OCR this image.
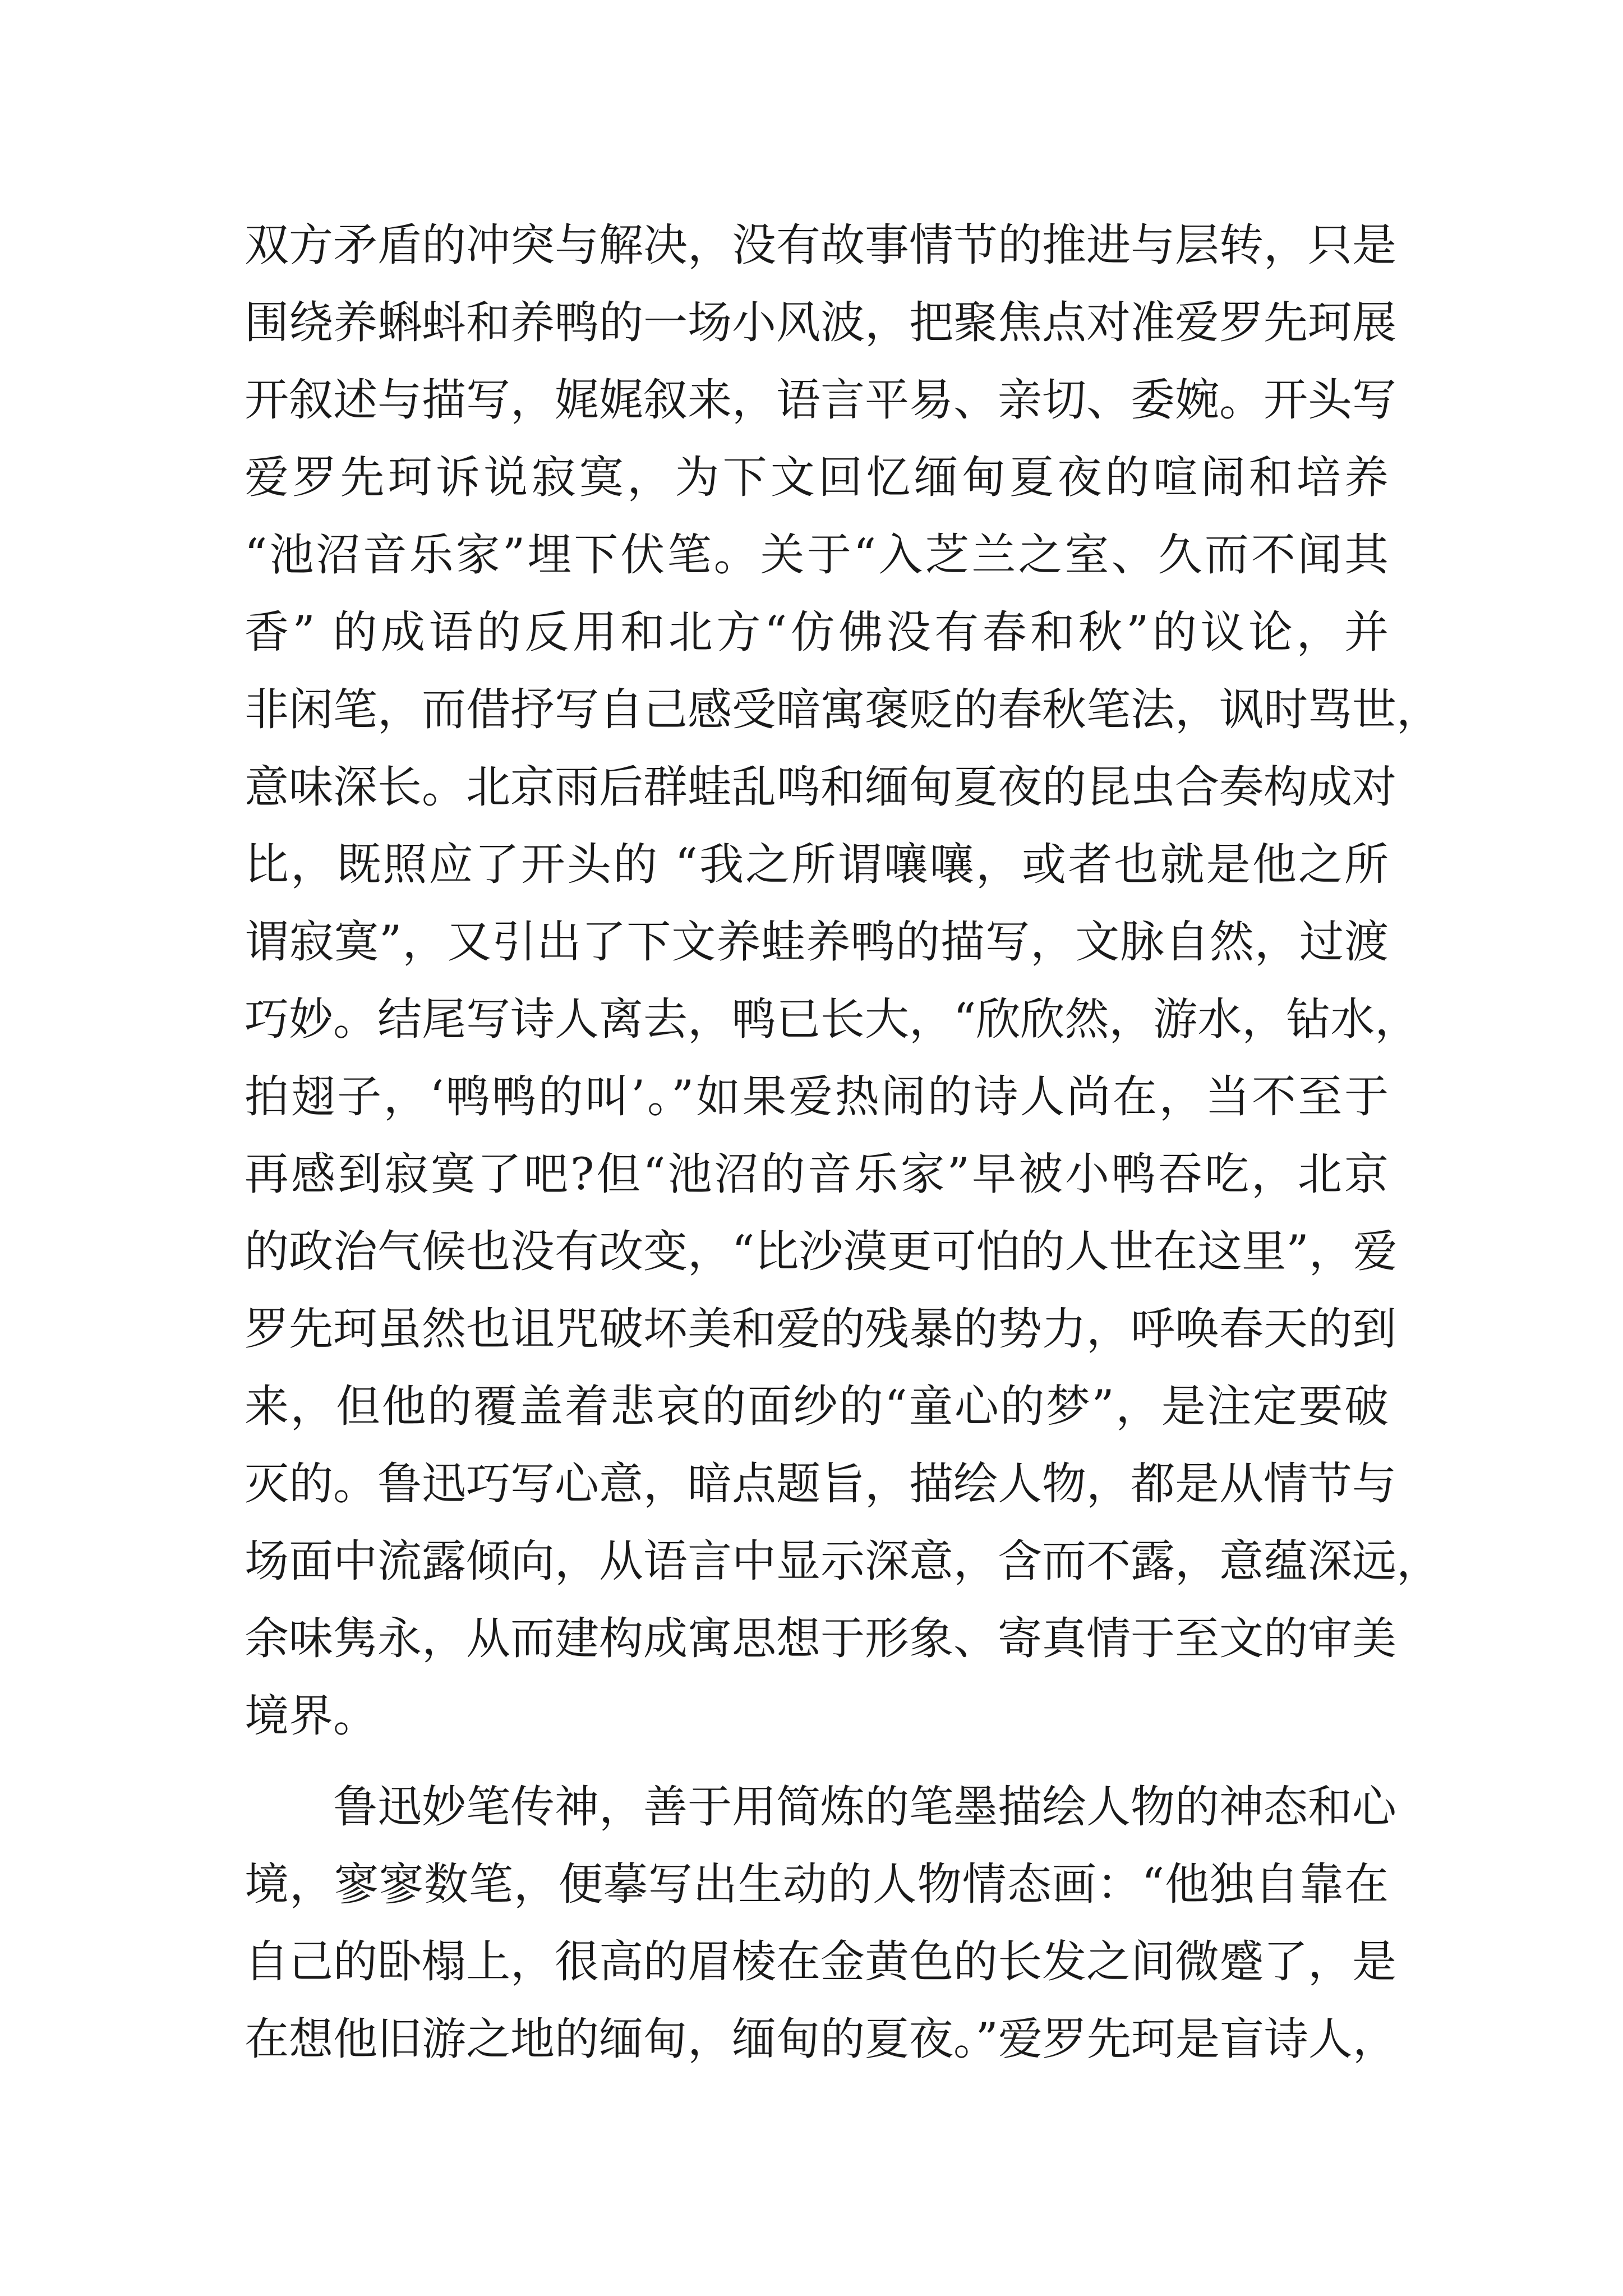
双方矛盾的冲突与解决，没有故事情节的推进与层转，只是
围绕养蝌蚪和养鸭的一场小风波，把聚焦点对准爱罗先珂展
开叙述与描写，娓娓叙来，语言平易、亲切、委婉。开头写
爱罗先珂诉说寂寞，为下文回忆缅甸夏夜的喧闹和培养
“池沼音乐家”埋下伏笔。关于“入芝兰之室、久而不闻其
香” 的成语的反用和北方“仿佛没有春和秋”的议论，并
非闲笔，而借抒写自己感受暗寓褒贬的春秋笔法，讽时骂世，
意味深长。北京雨后群蛙乱鸣和缅甸夏夜的昆虫合奏构成对
比，既照应了开头的 “我之所谓嚷嚷，或者也就是他之所
谓寂寞”，又引出了下文养蛙养鸭的描写，文脉自然，过渡
巧妙。结尾写诗人离去，鸭已长大，“欣欣然，游水，钻水，
拍翅子，‘鸭鸭的叫’。”如果爱热闹的诗人尚在，当不至于
再感到寂寞了吧?但“池沼的音乐家”早被小鸭吞吃，北京
的政治气候也没有改变，“比沙漠更可怕的人世在这里”，爱
罗先珂虽然也诅咒破坏美和爱的残暴的势力，呼唤春天的到
来，但他的覆盖着悲哀的面纱的“童心的梦”，是注定要破
灭的。鲁迅巧写心意，暗点题旨，描绘人物，都是从情节与
场面中流露倾向，从语言中显示深意，含而不露，意蕴深远，
余味隽永，从而建构成寓思想于形象、寄真情于至文的审美
境界。
鲁迅妙笔传神，善于用简炼的笔墨描绘人物的神态和心
境，寥寥数笔，便摹写出生动的人物情态画：“他独自靠在
自己的卧榻上，很高的眉棱在金黄色的长发之间微蹙了，是
在想他旧游之地的缅甸，缅甸的夏夜。”爱罗先珂是盲诗人，
